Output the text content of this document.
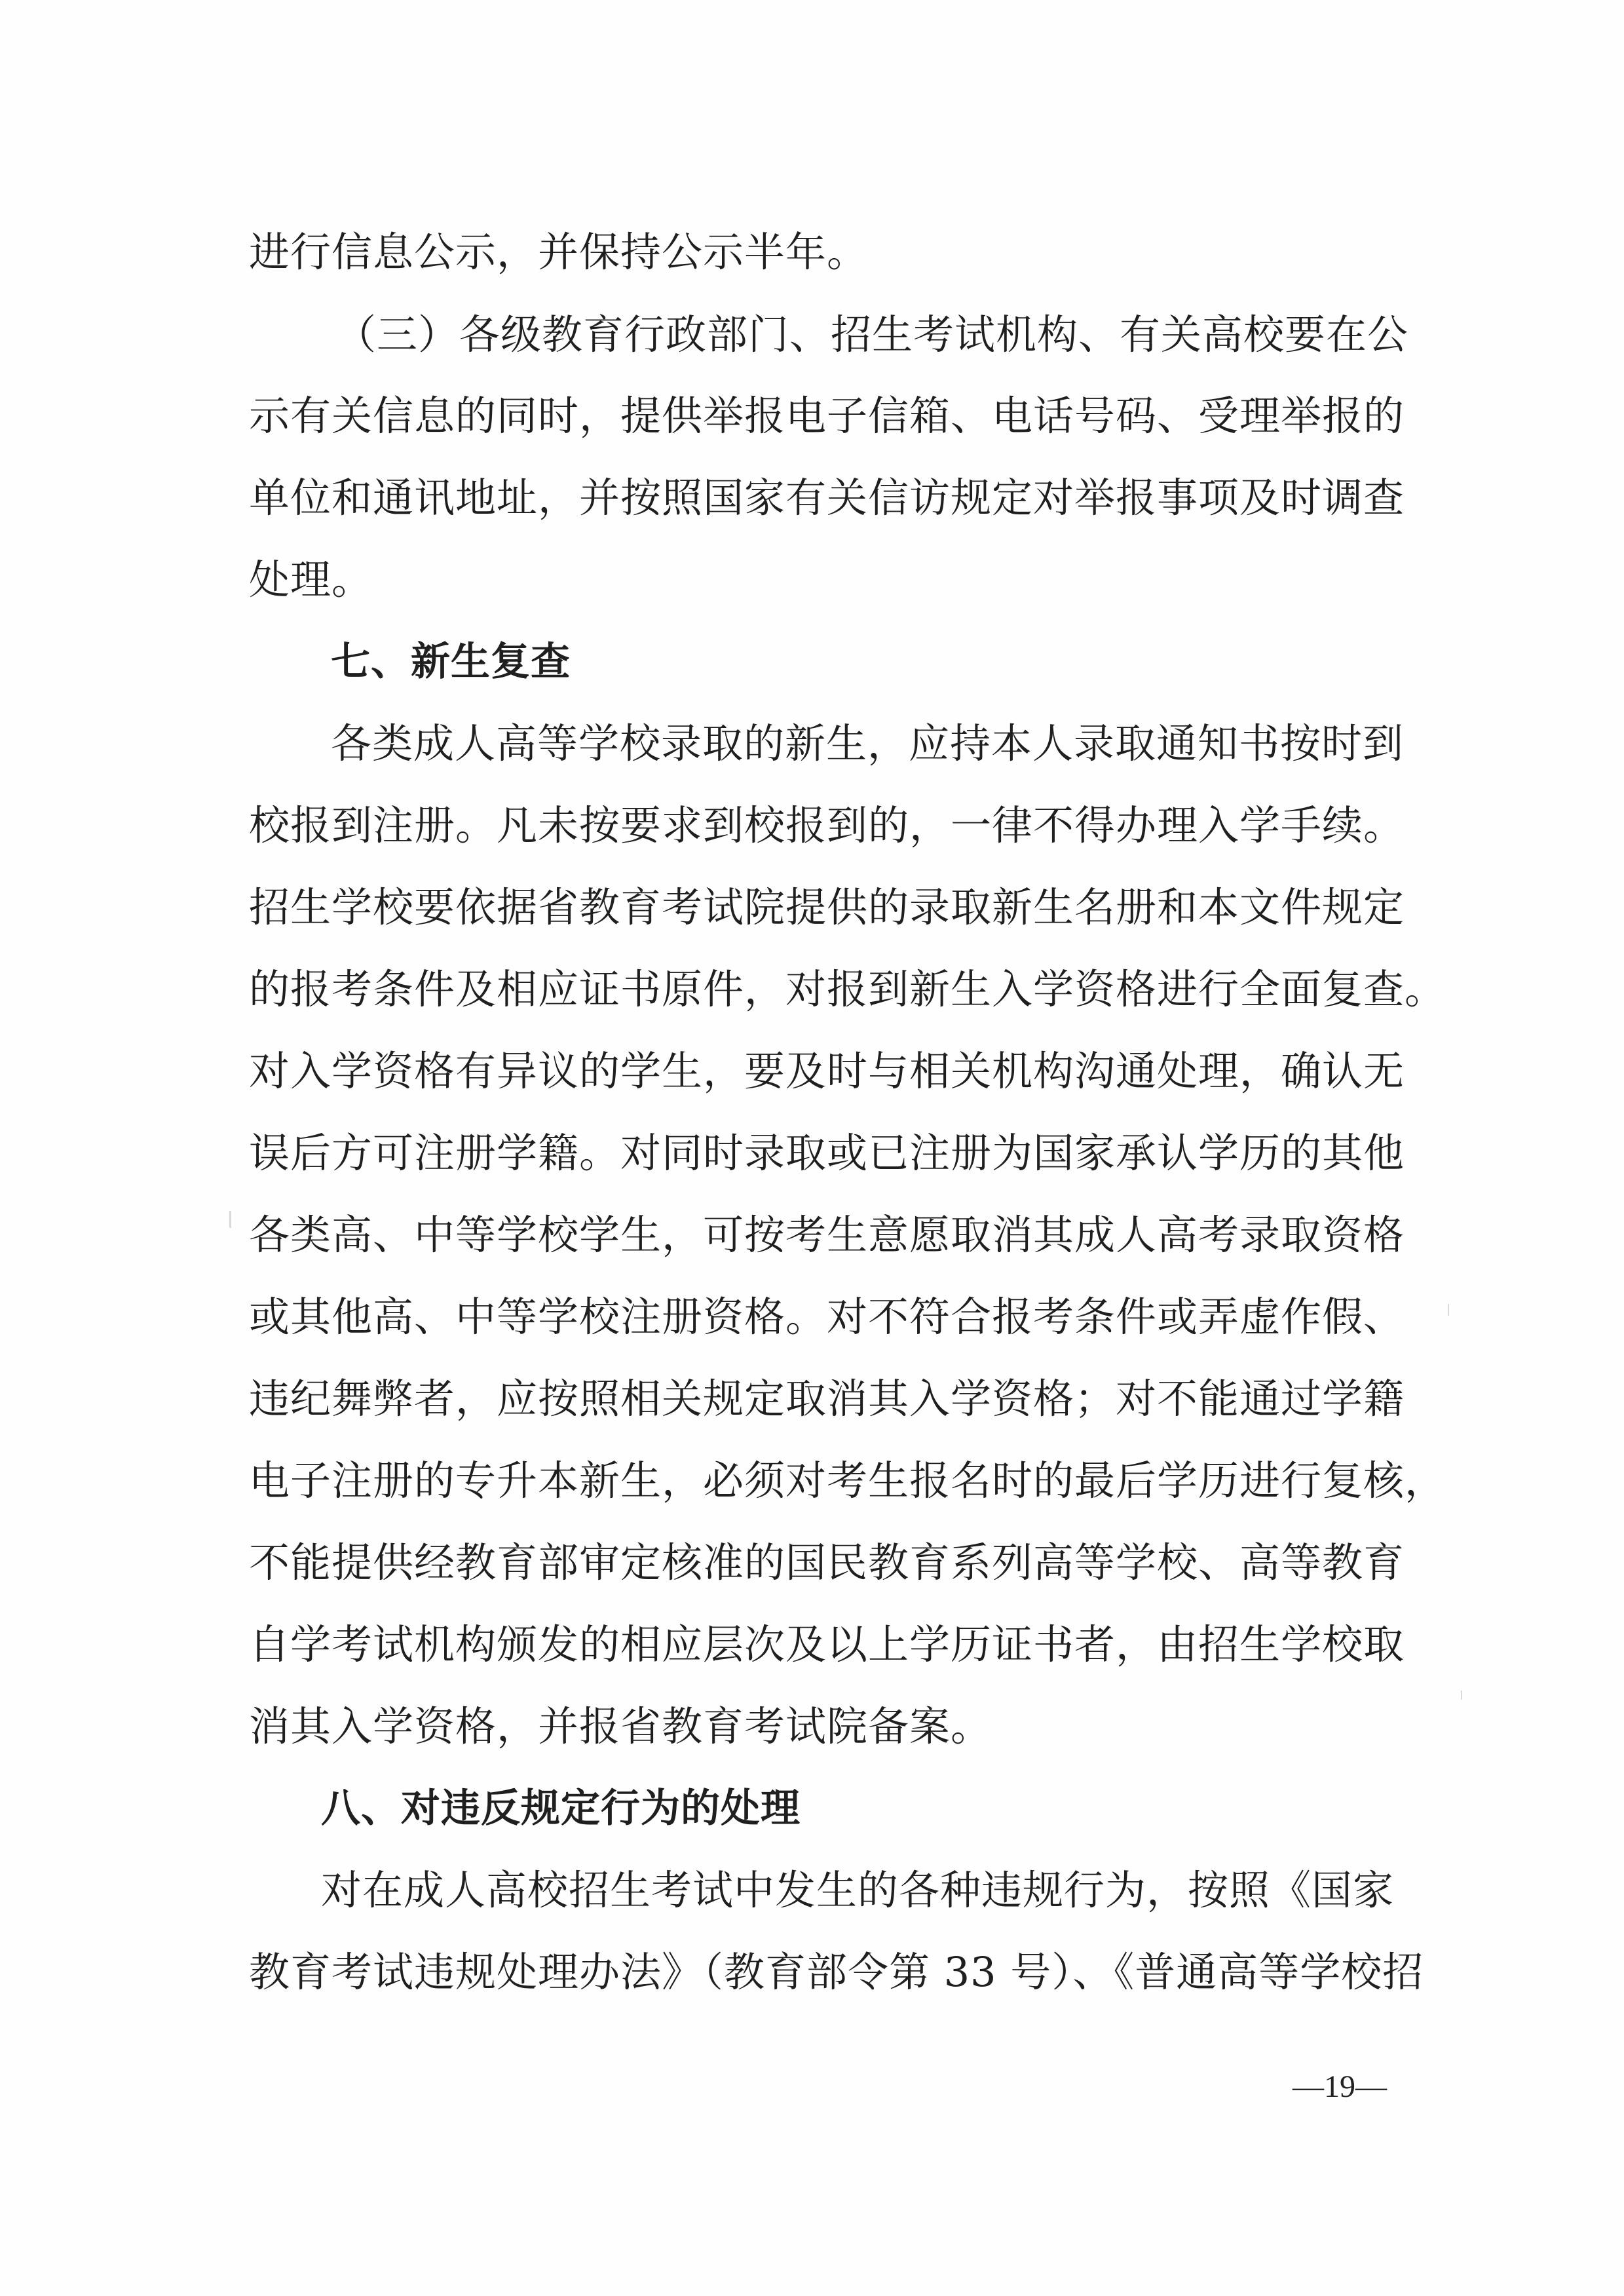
进行信息公示，并保持公示半年。
（三）各级教育行政部门、招生考试机构、有关高校要在公
示有关信息的同时，提供举报电子信箱、电话号码、受理举报的
单位和通讯地址，并按照国家有关信访规定对举报事项及时调查
处理。
七、新生复查
各类成人高等学校录取的新生，应持本人录取通知书按时到
校报到注册。凡未按要求到校报到的，一律不得办理入学手续。
招生学校要依据省教育考试院提供的录取新生名册和本文件规定
的报考条件及相应证书原件，对报到新生入学资格进行全面复查。
对入学资格有异议的学生，要及时与相关机构沟通处理，确认无
误后方可注册学籍。对同时录取或已注册为国家承认学历的其他
各类高、中等学校学生，可按考生意愿取消其成人高考录取资格
或其他高、中等学校注册资格。对不符合报考条件或弄虚作假、
违纪舞弊者，应按照相关规定取消其入学资格；对不能通过学籍
电子注册的专升本新生，必须对考生报名时的最后学历进行复核，
不能提供经教育部审定核准的国民教育系列高等学校、高等教育
自学考试机构颁发的相应层次及以上学历证书者，由招生学校取
消其入学资格，并报省教育考试院备案。
八、对违反规定行为的处理
对在成人高校招生考试中发生的各种违规行为，按照《国家
教育考试违规处理办法》（教育部令第 33 号）、《普通高等学校招
—19—
